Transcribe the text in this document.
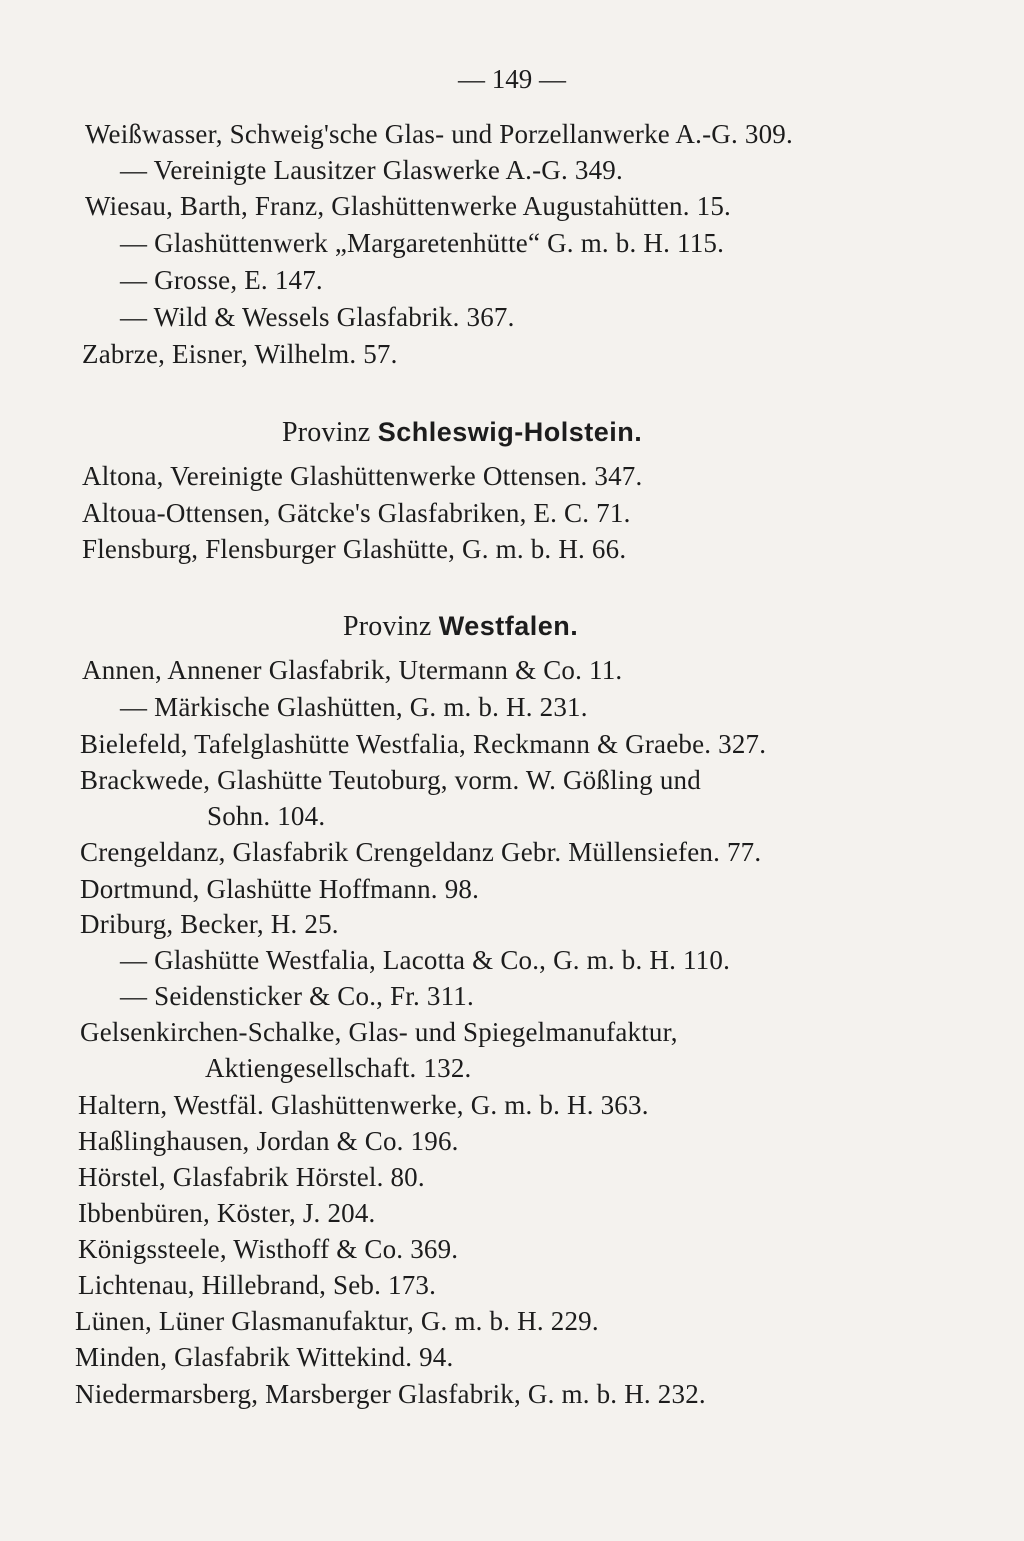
— 149 —
Weißwasser, Schweig'sche Glas- und Porzellanwerke A.-G. 309.
— Vereinigte Lausitzer Glaswerke A.-G. 349.
Wiesau, Barth, Franz, Glashüttenwerke Augustahütten. 15.
— Glashüttenwerk „Margaretenhütte“ G. m. b. H. 115.
— Grosse, E. 147.
— Wild & Wessels Glasfabrik. 367.
Zabrze, Eisner, Wilhelm. 57.
Provinz Schleswig-Holstein.
Altona, Vereinigte Glashüttenwerke Ottensen. 347.
Altoua-Ottensen, Gätcke's Glasfabriken, E. C. 71.
Flensburg, Flensburger Glashütte, G. m. b. H. 66.
Provinz Westfalen.
Annen, Annener Glasfabrik, Utermann & Co. 11.
— Märkische Glashütten, G. m. b. H. 231.
Bielefeld, Tafelglashütte Westfalia, Reckmann & Graebe. 327.
Brackwede, Glashütte Teutoburg, vorm. W. Gößling und
Sohn. 104.
Crengeldanz, Glasfabrik Crengeldanz Gebr. Müllensiefen. 77.
Dortmund, Glashütte Hoffmann. 98.
Driburg, Becker, H. 25.
— Glashütte Westfalia, Lacotta & Co., G. m. b. H. 110.
— Seidensticker & Co., Fr. 311.
Gelsenkirchen-Schalke, Glas- und Spiegelmanufaktur,
Aktiengesellschaft. 132.
Haltern, Westfäl. Glashüttenwerke, G. m. b. H. 363.
Haßlinghausen, Jordan & Co. 196.
Hörstel, Glasfabrik Hörstel. 80.
Ibbenbüren, Köster, J. 204.
Königssteele, Wisthoff & Co. 369.
Lichtenau, Hillebrand, Seb. 173.
Lünen, Lüner Glasmanufaktur, G. m. b. H. 229.
Minden, Glasfabrik Wittekind. 94.
Niedermarsberg, Marsberger Glasfabrik, G. m. b. H. 232.
